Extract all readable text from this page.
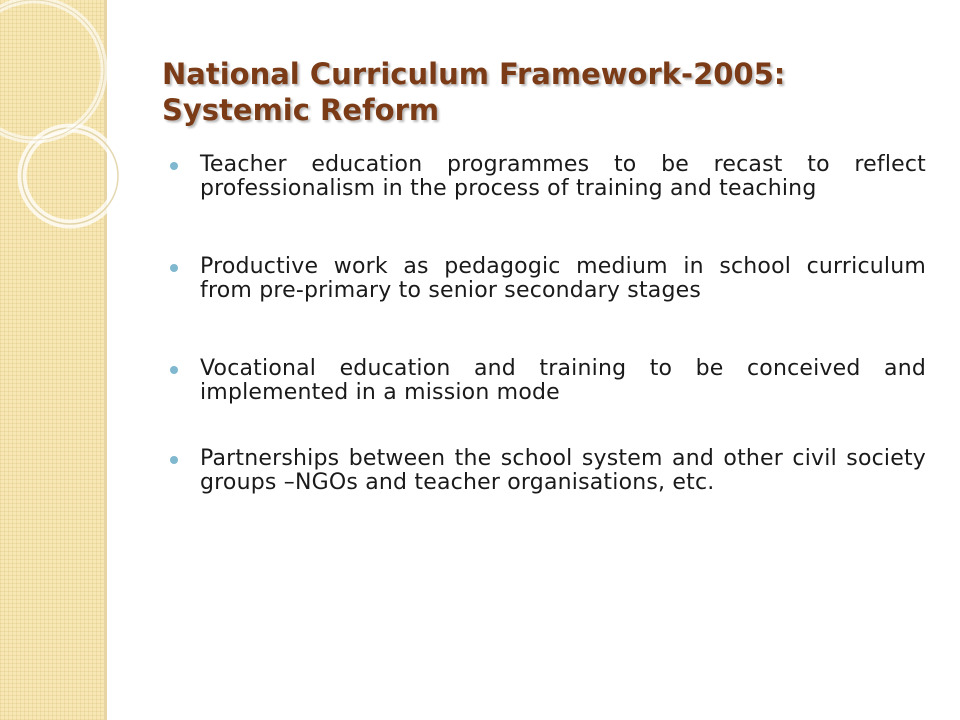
National Curriculum Framework-2005:
Systemic Reform
Teacher education programmes to be recast to reflect professionalism in the process of training and teaching
Productive work as pedagogic medium in school curriculum from pre-primary to senior secondary stages
Vocational education and training to be conceived and implemented in a mission mode
Partnerships between the school system and other civil society groups –NGOs and teacher organisations, etc.
